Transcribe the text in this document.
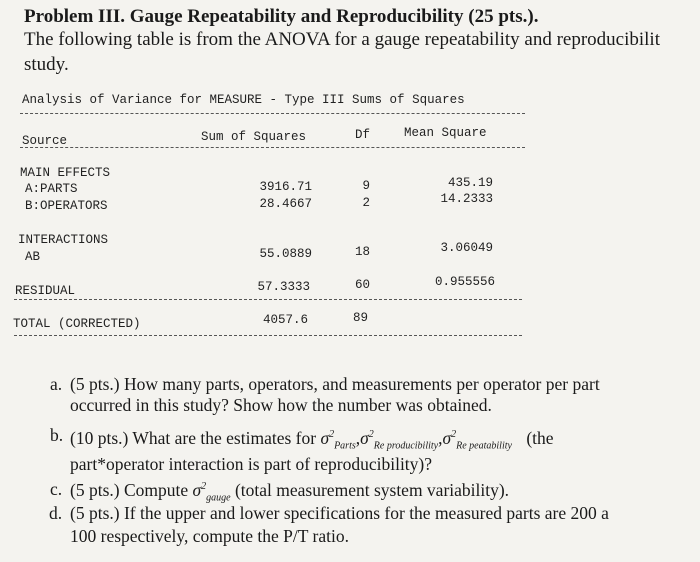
Problem III. Gauge Repeatability and Reproducibility (25 pts.).
The following table is from the ANOVA for a gauge repeatability and reproducibilit
study.
Analysis of Variance for MEASURE - Type III Sums of Squares
Source	Sum of Squares	Df	Mean Square
MAIN EFFECTS
A:PARTS	3916.71	9	435.19
B:OPERATORS	28.4667	2	14.2333
INTERACTIONS
AB	55.0889	18	3.06049
RESIDUAL	57.3333	60	0.955556
TOTAL (CORRECTED)	4057.6	89
a. (5 pts.) How many parts, operators, and measurements per operator per part
occurred in this study? Show how the number was obtained.
b. (10 pts.) What are the estimates for $\sigma^2_{Parts},\sigma^2_{Re producibility},\sigma^2_{Re peatability}$ (the
part*operator interaction is part of reproducibility)?
c. (5 pts.) Compute $\sigma^2_{gauge}$ (total measurement system variability).
d. (5 pts.) If the upper and lower specifications for the measured parts are 200 a
100 respectively, compute the P/T ratio.
